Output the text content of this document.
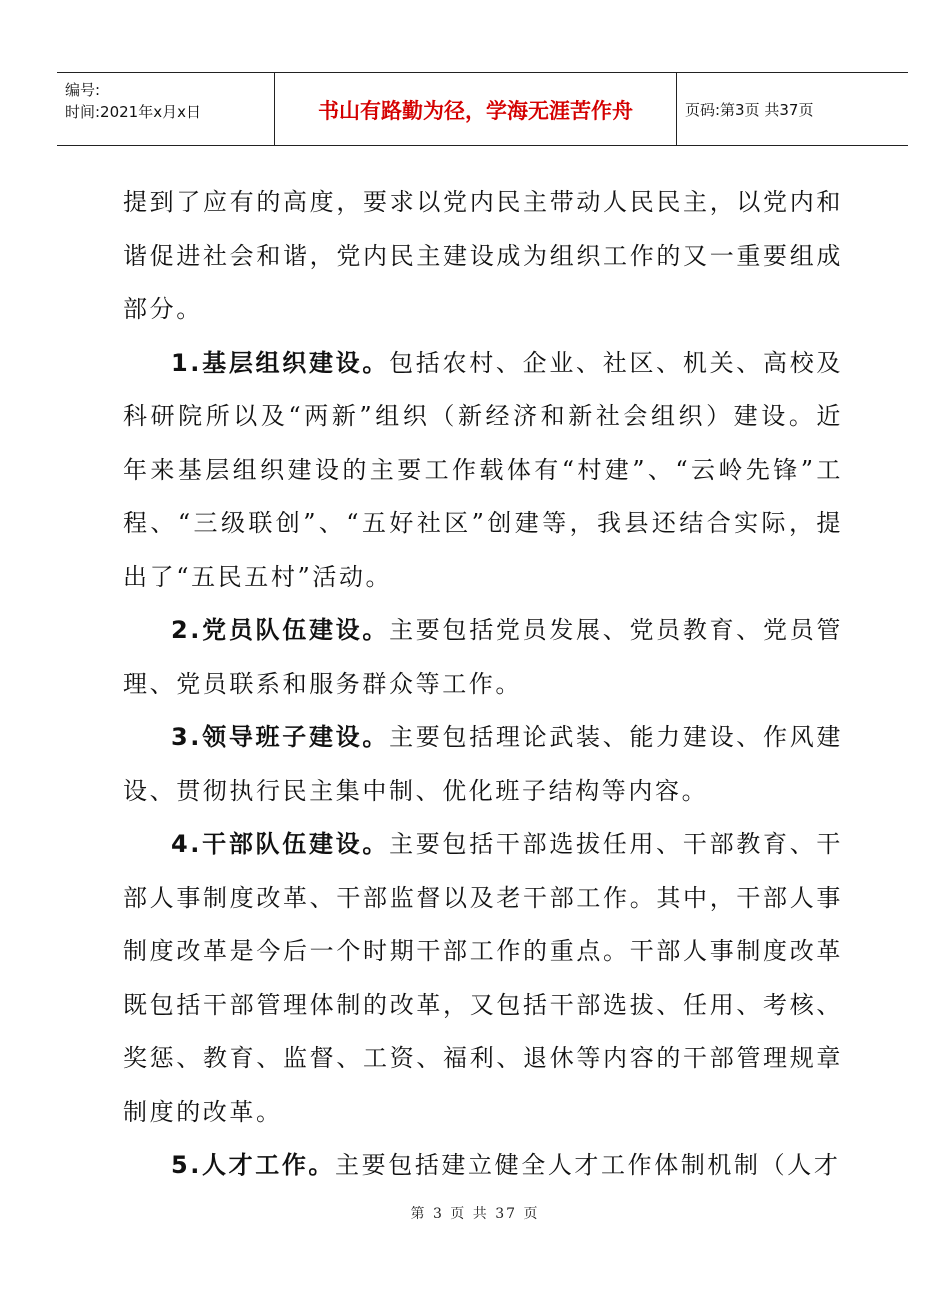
编号:
时间:2021年x月x日	书山有路勤为径，学海无涯苦作舟	页码:第3页 共37页

提到了应有的高度，要求以党内民主带动人民民主，以党内和谐促进社会和谐，党内民主建设成为组织工作的又一重要组成部分。

1.基层组织建设。包括农村、企业、社区、机关、高校及科研院所以及“两新”组织（新经济和新社会组织）建设。近年来基层组织建设的主要工作载体有“村建”、“云岭先锋”工程、“三级联创”、“五好社区”创建等，我县还结合实际，提出了“五民五村”活动。

2.党员队伍建设。主要包括党员发展、党员教育、党员管理、党员联系和服务群众等工作。

3.领导班子建设。主要包括理论武装、能力建设、作风建设、贯彻执行民主集中制、优化班子结构等内容。

4.干部队伍建设。主要包括干部选拔任用、干部教育、干部人事制度改革、干部监督以及老干部工作。其中，干部人事制度改革是今后一个时期干部工作的重点。干部人事制度改革既包括干部管理体制的改革，又包括干部选拔、任用、考核、奖惩、教育、监督、工资、福利、退休等内容的干部管理规章制度的改革。

5.人才工作。主要包括建立健全人才工作体制机制（人才

第 3 页 共 37 页
